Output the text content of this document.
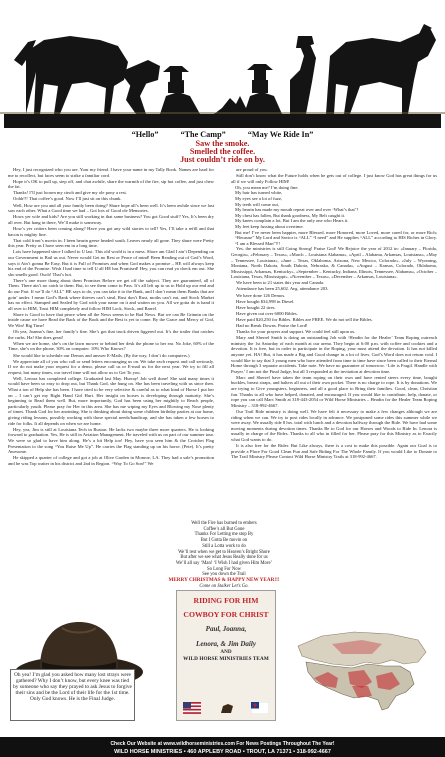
“Hello”	“The Camp”	“May We Ride In”
Saw the smoke.
Smelled the coffee.
Just couldn’t ride on by.

Hey, I just recognized who you are. Your my friend. I have your name in my Tally Book. Names are hard for me to recollect, but faces seem to strike a familiar cord.

Hope it’s OK to pull up, step off, and chat awhile, share the warmth of the fire, sip hot coffee, and just chew the fat.

Thanks! I’ll just loosen my cinch and give my ole pony a rest.

Oohh!!! That coffee’s good. Now I’ll just sit on this chunk.

Well, How are you and all your family been doing? Shure hope all’s been well. It’s been awhile since we last saw each other. What a Good time we had – Got lots of Good ole Memories.

Hows yer wife and kids? Are you still working in that same business? You got Good stuff? Yes, It’s been dry all over. But hang in there, We’ll make it someway.

How’s yer critters been coming along? Have you got any wild stories to tell? Yes, I’ll take a refill and that bacon is mighty fine.

That cold front’s movin in. I been hearin geese headed south. Leaves nearly all gone. They shure were Pretty this year. Pretty as I have seen em in a long time.

Lots have happened since I talked to U last. This old world is in a mess. Shore am Glad I ain’t Depending on our Government to Bail us out. Never would Get no Rest or Peace of mind! Been Reading out of God’s Word, says it Ain’t gonna Be Easy, But it is Full of Promises and when God makes a promise – HE will always keep his end of the Promise. Wish I had time to tell U all HE has Promised! Hey, you can read ya check em out. She sho smells good. Ouch! That’s hot.

There’s one more thang about them Promises Before we get off the subject. They are guaranteed, all of Them. There ain’t no catch to them. But, to see them come to Pass. It’s all left up to us to Hold up our end and do our Part. If we’ll do “ALL” HE says to do, you can take it to the Bank, and I don’t mean them Banks that are goin’ under. I mean God’s Bank where thieves can’t steal, Rust don’t Rust, moths can’t eat, and Stock Market has no effect. Stamped and Sealed by God with your name on it and waiten on you. All we gotta do is hand it all over to HIM, Trust HIM completely and follow HIM Lock, Stock, and Barrel.

Shore is Good to have that peace when all the News seems to be Bad News. But we can Be Grinnin on the inside cause we have Read the Back of the Book and the Best is yet to come. By the Grace and Mercy of God, We Win! Big Time!

Oh yea, Joanna’s fine, her family’s fine. She’s got that truck driven figgered out. It’s the trailer that catches the curbs. Ha! She does great!

When we are home, she’s on the lawn mower or behind her desk the phone to her ear. No Joke, 60% of the Time, she’s on the phone, 30% on computer. 10% Who Knows?

She would like to schedule our Demos and answer E-Mails. (By the way, I don’t do computers.)

We appreciate all of you who call or send letters encouraging us on. We take each request and call seriously. If we do not make your request for a demo, please call us or E-mail us for the next year. We try to fill all request, but many times, our travel time will not allow us to Get To you.

Well, Lenora has completed college. Graduated last May. Hurray! Job well done! She said many times it would have been so easy to drop out, but Thank God, she hung on. She has been traveling with us since then. What a ton of Help she has been. I have tried to be very selective & careful as to what kind of Horse I put her on – I can’t get my Right Hand Girl Hurt. Her insight on horses is developing through maturity. She’s beginning to Read them well. But, more importantly, God has been using her mightily to Reach people, particularly youth. Please pray for Her in this area. She has me wiping my Eyes and Blowing my Nose plenty of times. Thank God for her anointing. She is thinking about doing some children birthday parties at our home, giving riding lessons, possibly working with those special needs/handicap, and she has taken a few horses to ride for folks. It all depends on when we are home.

Hey, yea, Jim is still at Louisiana Tech in Ruston. He lacks two maybe three more quarters. He is looking forward to graduation. Yes, He is still in Aviation Management. He traveled with us on part of our summer tour. We were so glad to have him along. He’s a bit Help too! Hey, have you seen him & the Crotchet Flag Presentation to the song “You Raise Me Up”. He carries the Flag standing up on his horse. (Pete). It’s pretty Awesome.

He skipped a quarter of college and got a job at Olive Garden in Monroe, LA. They had a sale’s promotion and he was Top waiter in his district and 2nd in Region. “Way To Go Son!” We

are proud of you.

Still don’t know what the Future holds when he gets out of college. I just know God has great things for us all if we will only Follow HIM!

Oh, you mean me? I’m doing fine.
My hair has turned white,
My eyes see a lot of fuzz,
My teeth will come out,
My hearin has made my mouth repeat over and over ‘What’s that’?
My chest has fallen, But thank goodness, My Belt caught it.
My knees complain a lot, But I am the only one who Hears it.
My feet keep fussing about overtime.
But me! I’ve never been happier, more Blessed, more Honored, more Loved, more cared for, or more Rich; “Because” My Lord and Savior is “ALL” “I need” and He supplies “ALL” according to HIS Riches in Glory. “I am a Blessed Man”!!!

Yes, the ministries is still Going Strong! Praise God! We Rejoice the year of 2012 in: «January – Florida, Georgia», «February – Texas», «March – Louisiana Alabama», «April – Alabama, Arkansas, Louisiana», «May – Tennessee, Louisiana», «June – Texas, Oklahoma, Arizona, New Mexico, Colorado», «July – Wyoming, Montana, North Dakota, South Dakota, Nebraska, & Canada», «August – Kansas, Colorado, Oklahoma, Mississippi, Arkansas, Kentucky», «September – Kentucky, Indiana, Illinois, Tennessee, Alabama», «October – Louisiana, Texas, Mississippi», «November – Texas», «December – Arkansas, Louisiana».

We have been to 21 states this year and Canada.

Attendance has been 25,602. Avg. attendance 203.

We have done 126 Demos.

Have bought $34,998 in Diesel.

Have bought 22 tires.

Have given out over 6000 Bibles.

Have paid $20,250 for Bibles. Bibles are FREE. We do not sell the Bibles.

Had no Break Downs. Praise the Lord!

Thanks for your prayers and support. We could feel still upon us.

Mary and Sherrel Smith is doing an outstanding Job with ‘Headin for the Healer’ Team Roping outreach ministry the 1st Saturday of each month at our arena. They begin at 6:00 p.m. with coffee and cookies and a devotion. It is free, but in order to participate in the Roping, your must attend the devotion. It has not killed anyone yet. HA! But, it has made a Big and Good change in a lot of lives. God’s Word does not return void. I would like to say that 3 young men who have attended from time to time have since been called to their Eternal Home through 3 separate accidents. Take note. We have no guarantee of tomorrow. ‘Life is Fragil. Handle with Prayer.’ I am not the Final Judge, but all 3 responded at the invitation at devotion time.

Marc and Sherrel have taken the team roping on their own and have rented steers every time, bought buckles, breast straps, and halters all out of their own pocket. There is no charge to rope. It is by donations. We are trying to Give youngsters, beginners, and all a good place to Bring their families. Good, clean, Christian fun. Thanks to all who have helped, donated, and encouraged. If you would like to contribute, help, donate, or rope you can call Marc Smith at 318-443-2054 or Wild Horse Ministries – Headin for the Healer Team Roping Ministry – 318-992-4667.

Our Trail Ride ministry is doing well. We have felt it necessary to make a few changes although we are riding when we can. We try to post rides locally in advance. We postponed some rides this summer while we were away. We usually ride 8 hrs. total with lunch and a devotion halfway through the Ride. We have had some moving moments during devotion times. Thanks Be to God for our Horses and Woods to Ride In. Lenora is usually in charge of the Rides. Thanks to all who in filled for her. Please pray for this Ministry as to Exactly what God wants to do.

It is also free for the Rider. But Like always, there is a cost to make this possible. Again our Goal is to provide a Place For Good Clean Fun and Safe Riding For The Whole Family. If you would Like to Donate to The Trail Ministry Please Contact Wild Horse Ministry Trails at 318-992-4667.

Well the Fire has burned to embers
Coffee’s all But Gone
Thanks For Letting me stop By
But I Gotta Be movin on
Still a Lotta work to do
We’ll rest when we get to Heaven’s Bright Shore
But after we see what Jesus Really done for us
We’ll all say ‘Man! ‘I Wish I had given Him More’
So Long For Now
See you down the Trail
MERRY CHRISTMAS & HAPPY NEW YEAR!!!
Come on Stalker Let’s Go.
Oh yea! I’m glad you asked how many lost strays were gathered? Why I don’t know, but every knee was tied by someone who say they prayed to ask Jesus to forgive their sins and be the Lord of their life for the 1st time. Only God knows. He is the Final Judge.
RIDING FOR HIM
COWBOY FOR CHRIST
Paul, Joanna,
Lenora, & Jim Daily
AND
WILD HORSE MINISTRIES TEAM
Check Our Website at www.wildhorseministries.com For News Postings Throughout The Year!
WILD HORSE MINISTRIES • 460 APPLEBY ROAD • TROUT, LA 71371 • 318-992-4667
